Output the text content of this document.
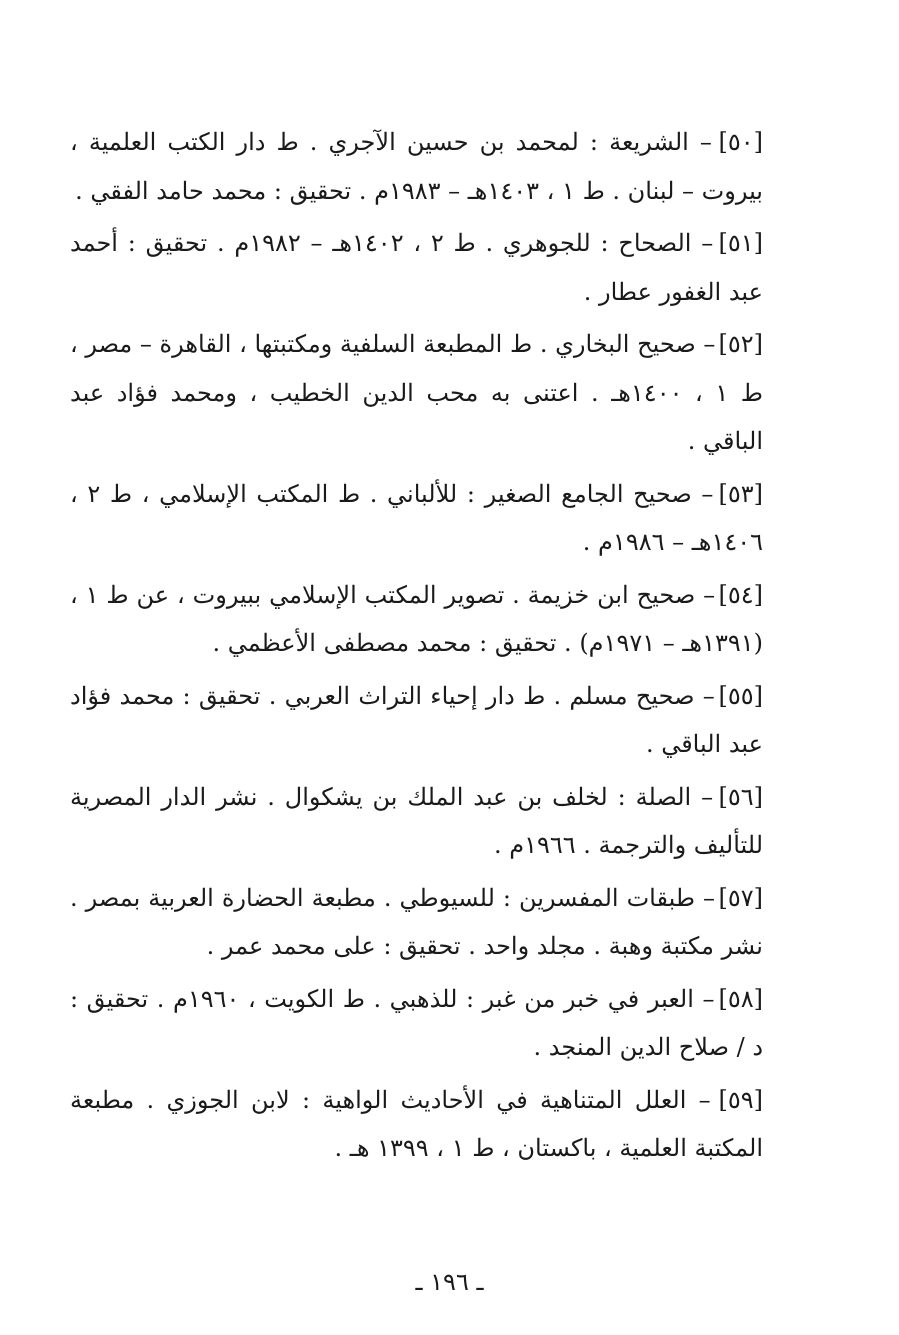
[٥٠] – الشريعة : لمحمد بن حسين الآجري . ط دار الكتب العلمية ، بيروت – لبنان . ط ١ ، ١٤٠٣هـ – ١٩٨٣م . تحقيق : محمد حامد الفقي .

[٥١] – الصحاح : للجوهري . ط ٢ ، ١٤٠٢هـ – ١٩٨٢م . تحقيق : أحمد عبد الغفور عطار .

[٥٢] – صحيح البخاري . ط المطبعة السلفية ومكتبتها ، القاهرة – مصر ، ط ١ ، ١٤٠٠هـ . اعتنى به محب الدين الخطيب ، ومحمد فؤاد عبد الباقي .

[٥٣] – صحيح الجامع الصغير : للألباني . ط المكتب الإسلامي ، ط ٢ ، ١٤٠٦هـ – ١٩٨٦م .

[٥٤] – صحيح ابن خزيمة . تصوير المكتب الإسلامي ببيروت ، عن ط ١ ، (١٣٩١هـ – ١٩٧١م) . تحقيق : محمد مصطفى الأعظمي .

[٥٥] – صحيح مسلم . ط دار إحياء التراث العربي . تحقيق : محمد فؤاد عبد الباقي .

[٥٦] – الصلة : لخلف بن عبد الملك بن يشكوال . نشر الدار المصرية للتأليف والترجمة . ١٩٦٦م .

[٥٧] – طبقات المفسرين : للسيوطي . مطبعة الحضارة العربية بمصر . نشر مكتبة وهبة . مجلد واحد . تحقيق : على محمد عمر .

[٥٨] – العبر في خبر من غبر : للذهبي . ط الكويت ، ١٩٦٠م . تحقيق : د / صلاح الدين المنجد .

[٥٩] – العلل المتناهية في الأحاديث الواهية : لابن الجوزي . مطبعة المكتبة العلمية ، باكستان ، ط ١ ، ١٣٩٩ هـ .

ـ ١٩٦ ـ
